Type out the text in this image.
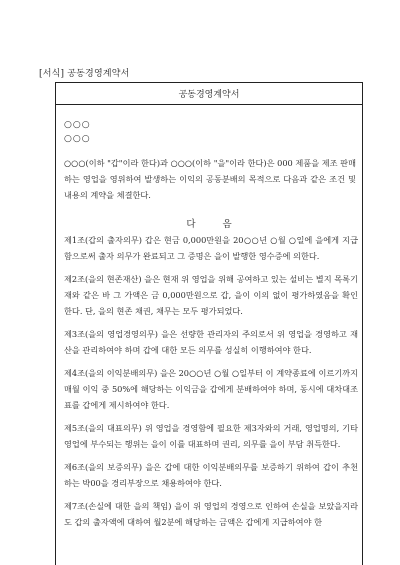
[서식] 공동경영계약서
공동경영계약서
○○○
○○○
○○○(이하 "갑"이라 한다)과 ○○○(이하 "을"이라 한다)은 000 제품을 제조 판매하는 영업을 영위하여 발생하는 이익의 공동분배의 목적으로 다음과 같은 조건 및 내용의 계약을 체결한다.
다 음
제1조(갑의 출자의무) 갑은 현금 0,000만원을 20○○년 ○월 ○일에 을에게 지급함으로써 출자 의무가 완료되고 그 증명은 을이 발행한 영수증에 의한다.
제2조(을의 현존재산) 을은 현재 위 영업을 위해 공여하고 있는 설비는 별지 목록기재와 같은 바 그 가액은 금 0,000만원으로 갑, 을이 이의 없이 평가하였음을 확인한다. 단, 을의 현존 채권, 채무는 모두 평가되었다.
제3조(을의 영업경영의무) 을은 선량한 관리자의 주의로서 위 영업을 경영하고 재산을 관리하여야 하며 갑에 대한 모든 의무를 성실히 이행하여야 한다.
제4조(을의 이익분배의무) 을은 20○○년 ○월 ○일부터 이 계약종료에 이르기까지 매월 이익 중 50%에 해당하는 이익금을 갑에게 분배하여야 하며, 동시에 대차대조표를 갑에게 제시하여야 한다.
제5조(을의 대표의무) 위 영업을 경영함에 필요한 제3자와의 거래, 영업명의, 기타 영업에 부수되는 행위는 을이 이를 대표하며 권리, 의무를 을이 부담 취득한다.
제6조(을의 보증의무) 을은 갑에 대한 이익분배의무를 보증하기 위하여 갑이 추천하는 박00을 경리부장으로 채용하여야 한다.
제7조(손실에 대한 을의 책임) 을이 위 영업의 경영으로 인하여 손실을 보았을지라도 갑의 출자액에 대하여 월2분에 해당하는 금액은 갑에게 지급하여야 한
